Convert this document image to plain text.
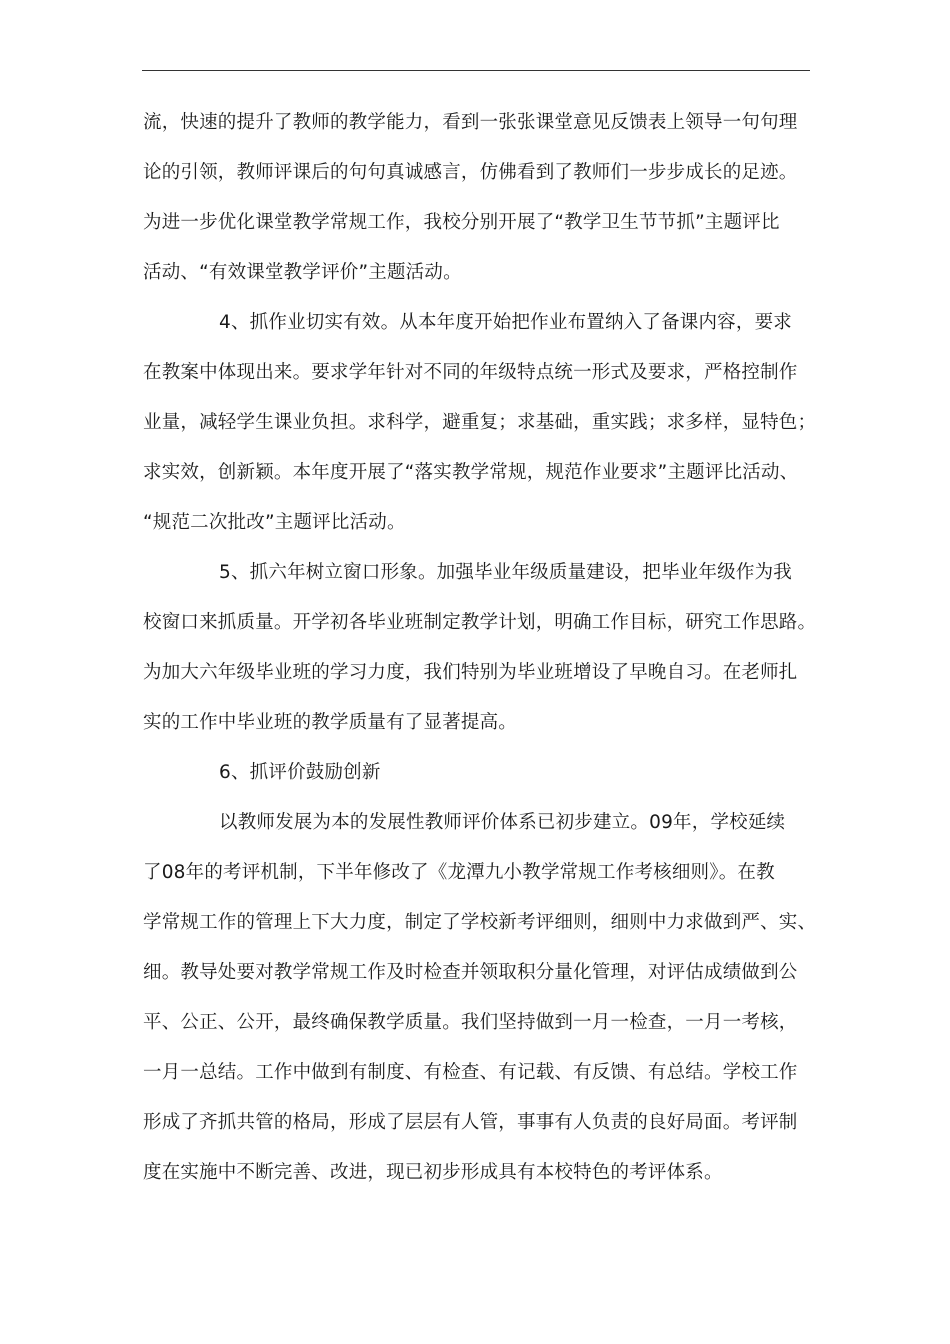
流，快速的提升了教师的教学能力，看到一张张课堂意见反馈表上领导一句句理
论的引领，教师评课后的句句真诚感言，仿佛看到了教师们一步步成长的足迹。
为进一步优化课堂教学常规工作，我校分别开展了“教学卫生节节抓”主题评比
活动、“有效课堂教学评价”主题活动。
4、抓作业切实有效。从本年度开始把作业布置纳入了备课内容，要求
在教案中体现出来。要求学年针对不同的年级特点统一形式及要求，严格控制作
业量，减轻学生课业负担。求科学，避重复；求基础，重实践；求多样，显特色；
求实效，创新颖。本年度开展了“落实教学常规，规范作业要求”主题评比活动、
“规范二次批改”主题评比活动。
5、抓六年树立窗口形象。加强毕业年级质量建设，把毕业年级作为我
校窗口来抓质量。开学初各毕业班制定教学计划，明确工作目标，研究工作思路。
为加大六年级毕业班的学习力度，我们特别为毕业班增设了早晚自习。在老师扎
实的工作中毕业班的教学质量有了显著提高。
6、抓评价鼓励创新
以教师发展为本的发展性教师评价体系已初步建立。09年，学校延续
了08年的考评机制，下半年修改了《龙潭九小教学常规工作考核细则》。在教
学常规工作的管理上下大力度，制定了学校新考评细则，细则中力求做到严、实、
细。教导处要对教学常规工作及时检查并领取积分量化管理，对评估成绩做到公
平、公正、公开，最终确保教学质量。我们坚持做到一月一检查，一月一考核，
一月一总结。工作中做到有制度、有检查、有记载、有反馈、有总结。学校工作
形成了齐抓共管的格局，形成了层层有人管，事事有人负责的良好局面。考评制
度在实施中不断完善、改进，现已初步形成具有本校特色的考评体系。
